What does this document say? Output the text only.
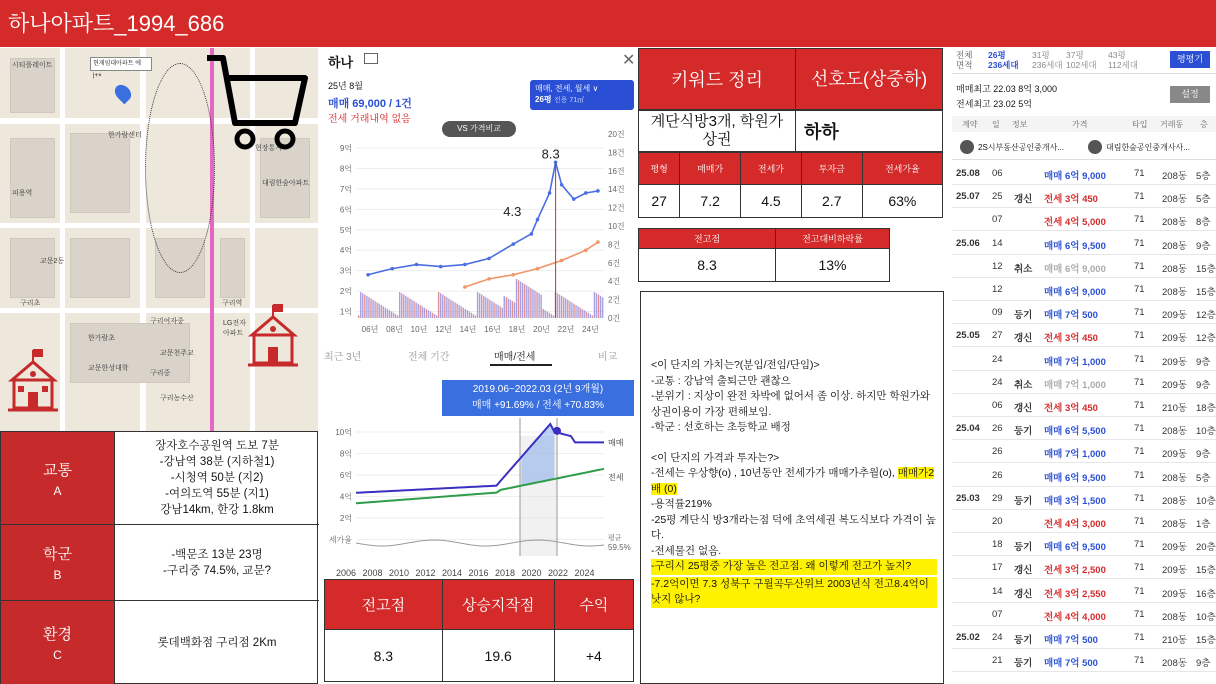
하나아파트_1994_686
현재임대아파트 에 |+×
시티플레이트
한가람센터
피용역
현장통시
대림한숲아파트
교문2동
구리초
구리여자중
한가람초
교문천주교
구리역
교문한성대학
구리중
구리농수산
LG전자
아파트
교통
A
장자호수공원역 도보 7분
-강남역 38분 (지하철1)
-시청역 50분 (지2)
-여의도역 55분 (지1)
강남14km, 한강 1.8km
학군
B
-백문조 13분 23명
-구리중 74.5%, 교문?
환경
C
롯데백화점 구리점 2Km
하나	✕
25년 8월
매매 69,000 / 1건
전세 거래내역 없음
매매, 전세, 월세 ∨
26평 전용 71㎡
VS 가격비교
9억
8억
7억
6억
5억
4억
3억
2억
1억
20건
18건
16건
14건
12건
10건
8건
6건
4건
2건
0건
06년 08년 10년 12년 14년 16년 18년 20년 22년 24년
8.3
4.3
최근 3년	전체 기간	매매/전세	비교
10억
8억
6억
4억
2억
세가율
2006 2008 2010 2012 2014 2016 2018 2020 2022 2024
매매
전세
평균
59.5%
2019.06~2022.03 (2년 9개월)
매매 +91.69% / 전세 +70.83%
전고점	상승지작점	수익
8.3	19.6	+4
키워드 정리	선호도(상중하)
계단식방3개, 학원가상권	하하
평형	매매가	전세가	투자금	전세가율
27	7.2	4.5	2.7	63%
전고점	전고대비하락률
8.3	13%
<이 단지의 가치는?(분임/전임/단임)>
-교통 : 강남역 출퇴근만 괜찮으
-분위기 : 지상이 완전 차박에 없어서 좀 이상. 하지만 학원가와상권이용이 가장 편해보임.
-학군 : 선호하는 초등학교 배정
<이 단지의 가격과 투자는?>
-전세는 우상향(o) , 10년동안 전세가가 매매가추월(o), 매매가2배 (0)
-용적률219%
-25평 계단식 방3개라는점 덕에 초역세권 복도식보다 가격이 높다.
-전세물건 없음.
-구리시 25평중 가장 높은 전고점. 왜 이렇게 전고가 높지?
-7.2억이면 7.3 성북구 구월곡두산위브 2003년식 전고8.4억이 낫지 않나?
전체
면적
26평
236세대
31평
236세대
37평
102세대
43평
112세대
평평기
매매최고 22.03 8억 3,000
전세최고 23.02 5억
설정
계약 일 정보	가격	타입 거래동 층
2S시부동산공인중개사...	대림한숲공인중개사사...
25.08 06	매매 6억 9,000	71 208동 5층
25.07 25 갱신 전세 3억 450	71 208동 5층
07	전세 4억 5,000	71 208동 8층
25.06 14	매매 6억 9,500	71 208동 9층
12 취소 매매 6억 9,000	71 208동 15층
12	매매 6억 9,000	71 208동 15층
09 등기 매매 7억 500	71 209동 12층
25.05 27 갱신 전세 3억 450	71 209동 12층
24	매매 7억 1,000	71 209동 9층
24 취소 매매 7억 1,000	71 209동 9층
06 갱신 전세 3억 450	71 210동 18층
25.04 26 등기 매매 6억 5,500	71 208동 10층
26	매매 7억 1,000	71 209동 9층
26	매매 6억 9,500	71 208동 5층
25.03 29 등기 매매 3억 1,500	71 208동 10층
20	전세 4억 3,000	71 208동 1층
18 등기 매매 6억 9,500	71 209동 20층
17 갱신 전세 3억 2,500	71 209동 15층
14 갱신 전세 3억 2,550	71 209동 16층
07	전세 4억 4,000	71 208동 10층
25.02 24 등기 매매 7억 500	71 210동 15층
21 등기 매매 7억 500	71 208동 9층
